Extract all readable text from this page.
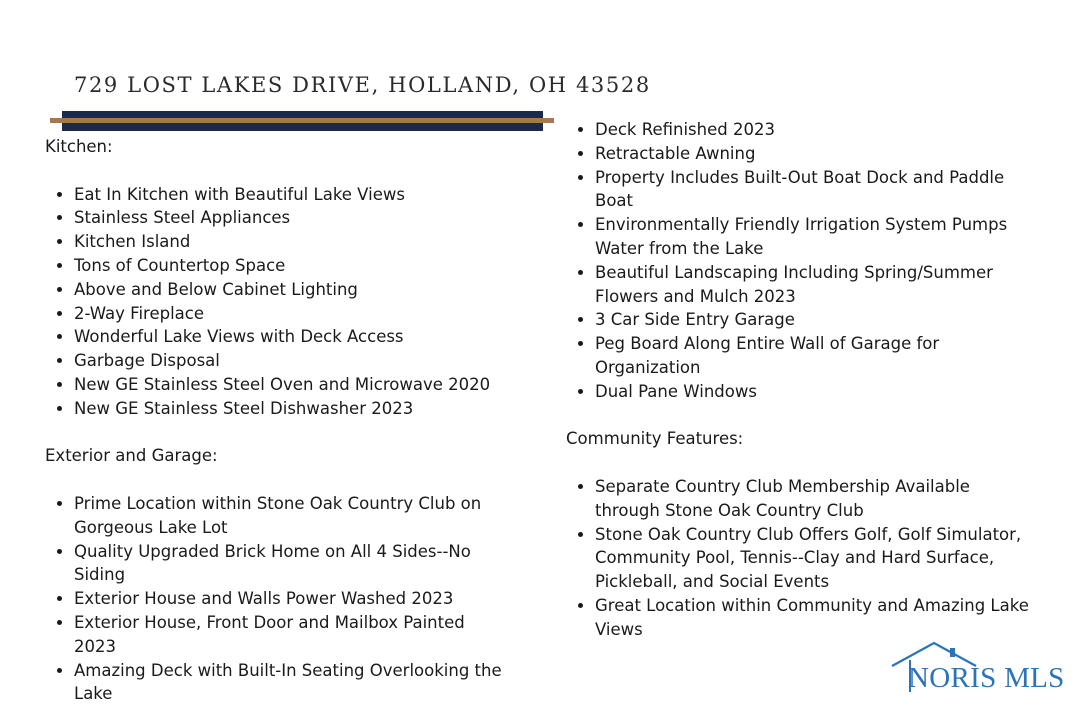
729 LOST LAKES DRIVE, HOLLAND, OH 43528

Kitchen:

• Eat In Kitchen with Beautiful Lake Views
• Stainless Steel Appliances
• Kitchen Island
• Tons of Countertop Space
• Above and Below Cabinet Lighting
• 2-Way Fireplace
• Wonderful Lake Views with Deck Access
• Garbage Disposal
• New GE Stainless Steel Oven and Microwave 2020
• New GE Stainless Steel Dishwasher 2023

Exterior and Garage:

• Prime Location within Stone Oak Country Club on Gorgeous Lake Lot
• Quality Upgraded Brick Home on All 4 Sides--No Siding
• Exterior House and Walls Power Washed 2023
• Exterior House, Front Door and Mailbox Painted 2023
• Amazing Deck with Built-In Seating Overlooking the Lake
• Deck Refinished 2023
• Retractable Awning
• Property Includes Built-Out Boat Dock and Paddle Boat
• Environmentally Friendly Irrigation System Pumps Water from the Lake
• Beautiful Landscaping Including Spring/Summer Flowers and Mulch 2023
• 3 Car Side Entry Garage
• Peg Board Along Entire Wall of Garage for Organization
• Dual Pane Windows

Community Features:

• Separate Country Club Membership Available through Stone Oak Country Club
• Stone Oak Country Club Offers Golf, Golf Simulator, Community Pool, Tennis--Clay and Hard Surface, Pickleball, and Social Events
• Great Location within Community and Amazing Lake Views
NORIS MLS
